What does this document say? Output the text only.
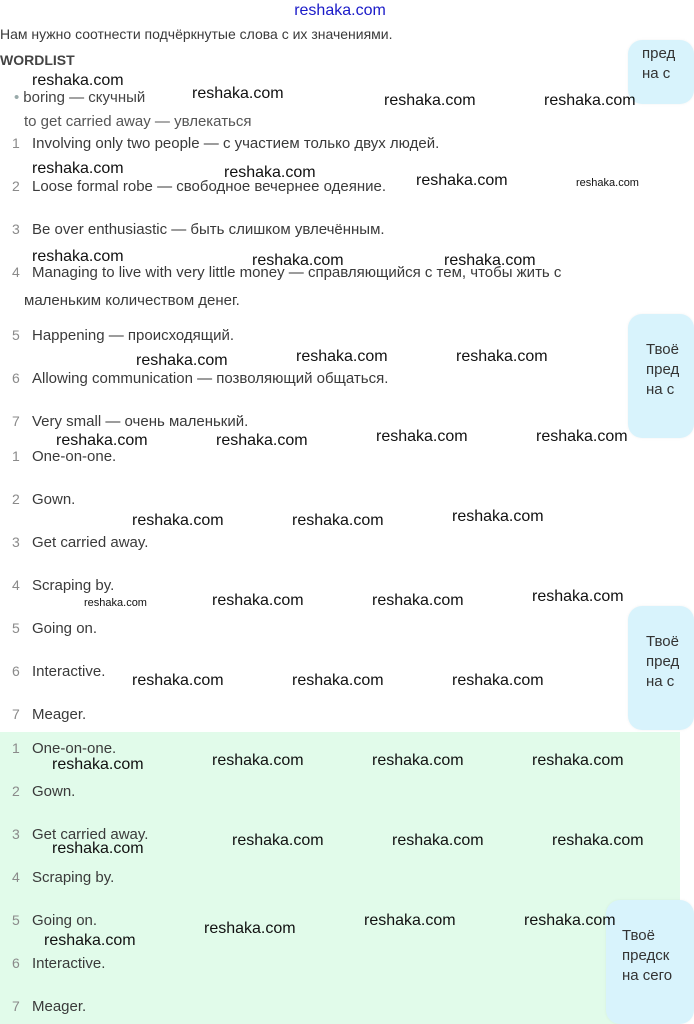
reshaka.com
Нам нужно соотнести подчёркнутые слова с их значениями.
WORDLIST
• boring — скучный
to get carried away — увлекаться
1 Involving only two people — с участием только двух людей.
2 Loose formal robe — свободное вечернее одеяние.
3 Be over enthusiastic — быть слишком увлечённым.
4 Managing to live with very little money — справляющийся с тем, чтобы жить с
маленьким количеством денег.
5 Happening — происходящий.
6 Allowing communication — позволяющий общаться.
7 Very small — очень маленький.
1 One-on-one.
2 Gown.
3 Get carried away.
4 Scraping by.
5 Going on.
6 Interactive.
7 Meager.
1 One-on-one.
2 Gown.
3 Get carried away.
4 Scraping by.
5 Going on.
6 Interactive.
7 Meager.
пред
на с
Твоё
пред
на с
Твоё
пред
на с
Твоё
предск
на сего
reshaka.com
reshaka.com	reshaka.com	reshaka.com
reshaka.com	reshaka.com	reshaka.com	reshaka.com
reshaka.com	reshaka.com	reshaka.com
reshaka.com	reshaka.com	reshaka.com
reshaka.com	reshaka.com	reshaka.com	reshaka.com
reshaka.com	reshaka.com	reshaka.com
reshaka.com	reshaka.com	reshaka.com	reshaka.com
reshaka.com	reshaka.com	reshaka.com
reshaka.com	reshaka.com	reshaka.com	reshaka.com
reshaka.com	reshaka.com	reshaka.com	reshaka.com
reshaka.com
reshaka.com	reshaka.com	reshaka.com
